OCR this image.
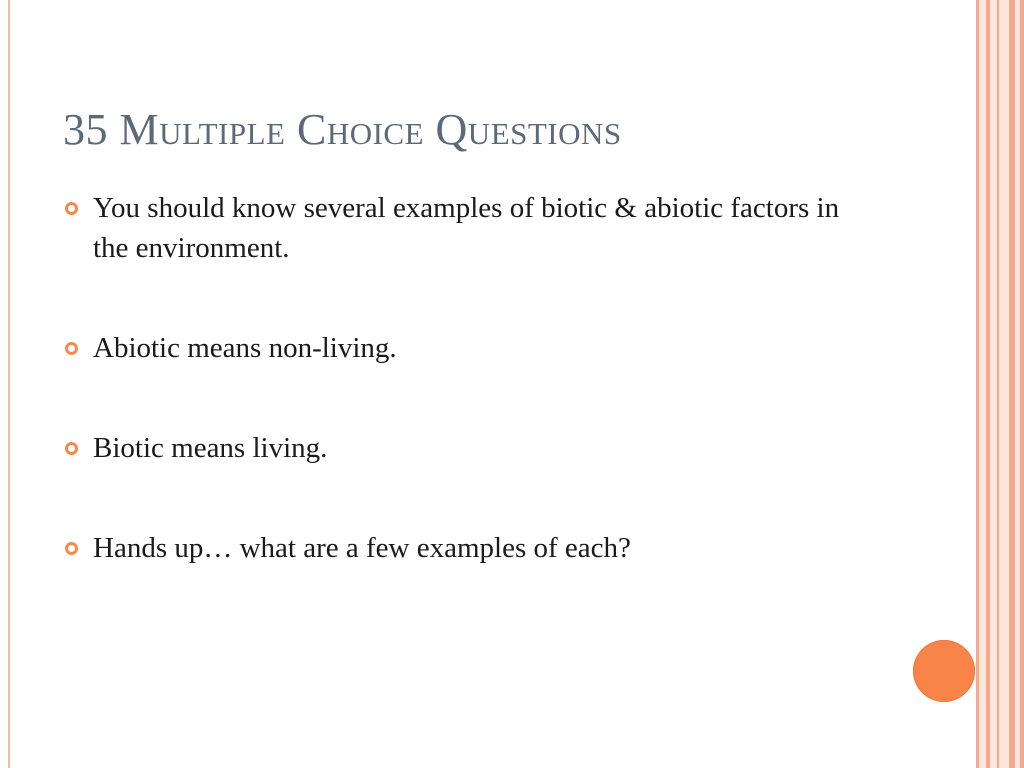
35 Multiple Choice Questions
You should know several examples of biotic & abiotic factors in the environment.
Abiotic means non-living.
Biotic means living.
Hands up… what are a few examples of each?
